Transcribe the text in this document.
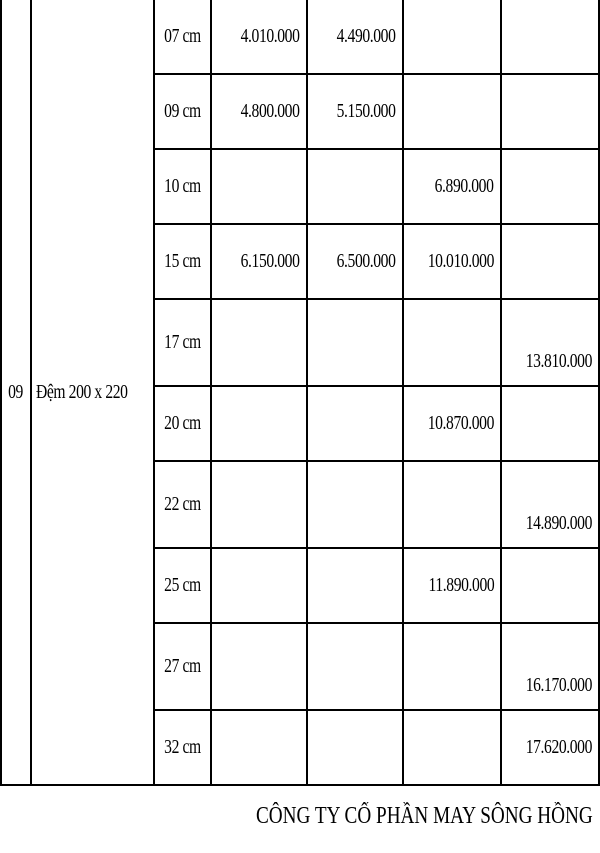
09	Đệm 200 x 220	07 cm	4.010.000	4.490.000		
		09 cm	4.800.000	5.150.000		
		10 cm			6.890.000	
		15 cm	6.150.000	6.500.000	10.010.000	
		17 cm				13.810.000
		20 cm			10.870.000	
		22 cm				14.890.000
		25 cm			11.890.000	
		27 cm				16.170.000
		32 cm				17.620.000
CÔNG TY CỔ PHẦN MAY SÔNG HỒNG
